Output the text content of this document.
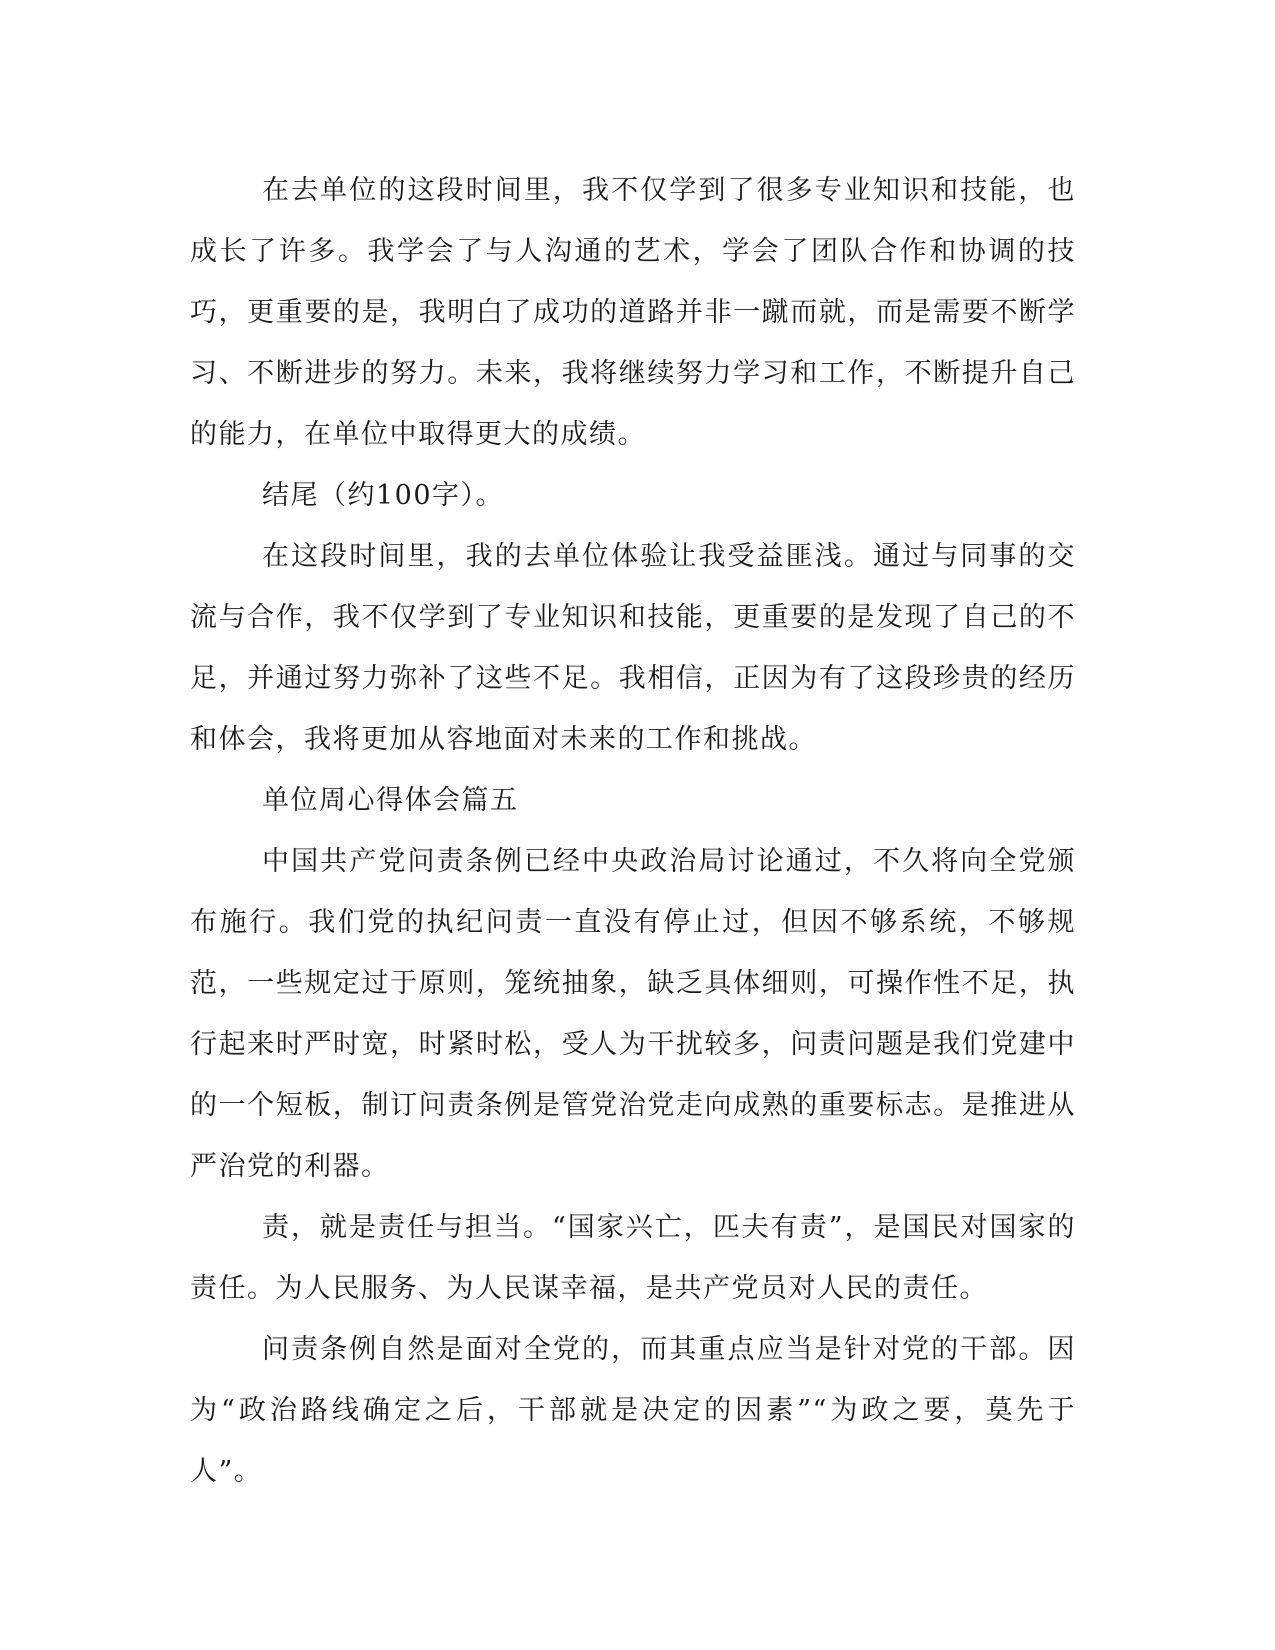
在去单位的这段时间里，我不仅学到了很多专业知识和技能，也成长了许多。我学会了与人沟通的艺术，学会了团队合作和协调的技巧，更重要的是，我明白了成功的道路并非一蹴而就，而是需要不断学习、不断进步的努力。未来，我将继续努力学习和工作，不断提升自己的能力，在单位中取得更大的成绩。

结尾（约100字）。

在这段时间里，我的去单位体验让我受益匪浅。通过与同事的交流与合作，我不仅学到了专业知识和技能，更重要的是发现了自己的不足，并通过努力弥补了这些不足。我相信，正因为有了这段珍贵的经历和体会，我将更加从容地面对未来的工作和挑战。

单位周心得体会篇五

中国共产党问责条例已经中央政治局讨论通过，不久将向全党颁布施行。我们党的执纪问责一直没有停止过，但因不够系统，不够规范，一些规定过于原则，笼统抽象，缺乏具体细则，可操作性不足，执行起来时严时宽，时紧时松，受人为干扰较多，问责问题是我们党建中的一个短板，制订问责条例是管党治党走向成熟的重要标志。是推进从严治党的利器。

责，就是责任与担当。“国家兴亡，匹夫有责”，是国民对国家的责任。为人民服务、为人民谋幸福，是共产党员对人民的责任。

问责条例自然是面对全党的，而其重点应当是针对党的干部。因为“政治路线确定之后，干部就是决定的因素”“为政之要，莫先于人”。
